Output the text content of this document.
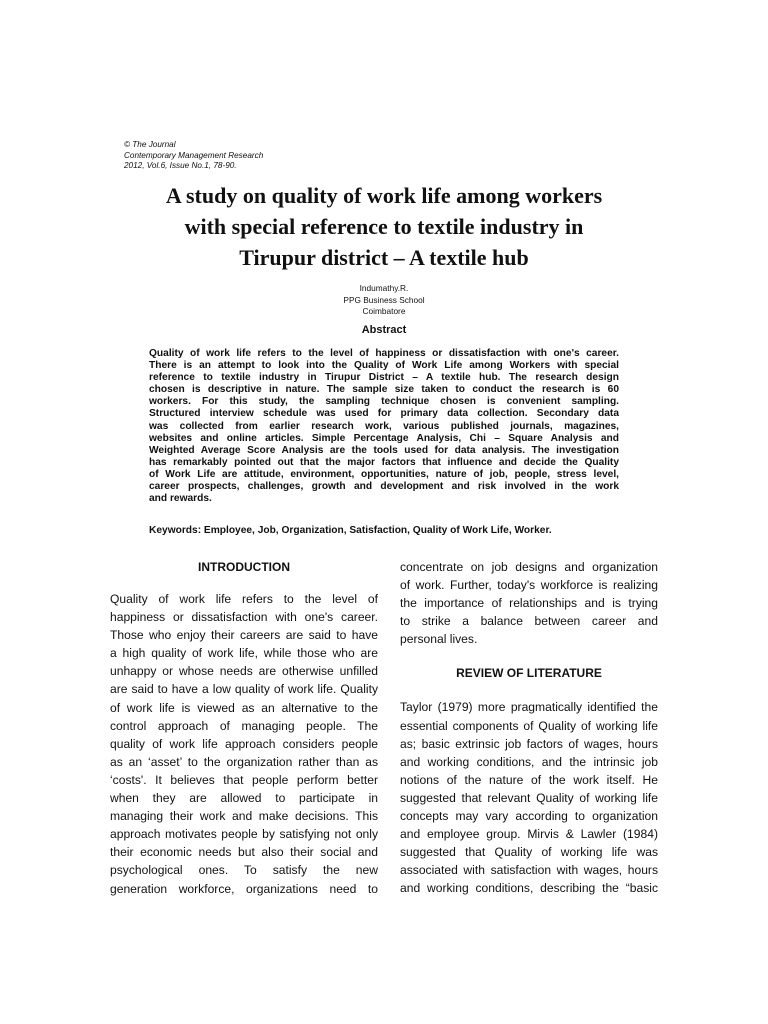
© The Journal
Contemporary Management Research
2012, Vol.6, Issue No.1, 78-90.
A study on quality of work life among workers
with special reference to textile industry in
Tirupur district – A textile hub
Indumathy.R.
PPG Business School
Coimbatore
Abstract
Quality of work life refers to the level of happiness or dissatisfaction with one's career.
There is an attempt to look into the Quality of Work Life among Workers with special
reference to textile industry in Tirupur District – A textile hub. The research design
chosen is descriptive in nature. The sample size taken to conduct the research is 60
workers. For this study, the sampling technique chosen is convenient sampling.
Structured interview schedule was used for primary data collection. Secondary data
was collected from earlier research work, various published journals, magazines,
websites and online articles. Simple Percentage Analysis, Chi – Square Analysis and
Weighted Average Score Analysis are the tools used for data analysis. The investigation
has remarkably pointed out that the major factors that influence and decide the Quality
of Work Life are attitude, environment, opportunities, nature of job, people, stress level,
career prospects, challenges, growth and development and risk involved in the work
and rewards.
Keywords: Employee, Job, Organization, Satisfaction, Quality of Work Life, Worker.
INTRODUCTION
Quality of work life refers to the level of
happiness or dissatisfaction with one's career.
Those who enjoy their careers are said to have
a high quality of work life, while those who are
unhappy or whose needs are otherwise unfilled
are said to have a low quality of work life. Quality
of work life is viewed as an alternative to the
control approach of managing people. The
quality of work life approach considers people
as an ‘asset’ to the organization rather than as
‘costs'. It believes that people perform better
when they are allowed to participate in
managing their work and make decisions. This
approach motivates people by satisfying not only
their economic needs but also their social and
psychological ones. To satisfy the new
generation workforce, organizations need to
concentrate on job designs and organization
of work. Further, today's workforce is realizing
the importance of relationships and is trying
to strike a balance between career and
personal lives.
REVIEW OF LITERATURE
Taylor (1979) more pragmatically identified the
essential components of Quality of working life
as; basic extrinsic job factors of wages, hours
and working conditions, and the intrinsic job
notions of the nature of the work itself. He
suggested that relevant Quality of working life
concepts may vary according to organization
and employee group. Mirvis & Lawler (1984)
suggested that Quality of working life was
associated with satisfaction with wages, hours
and working conditions, describing the “basic
